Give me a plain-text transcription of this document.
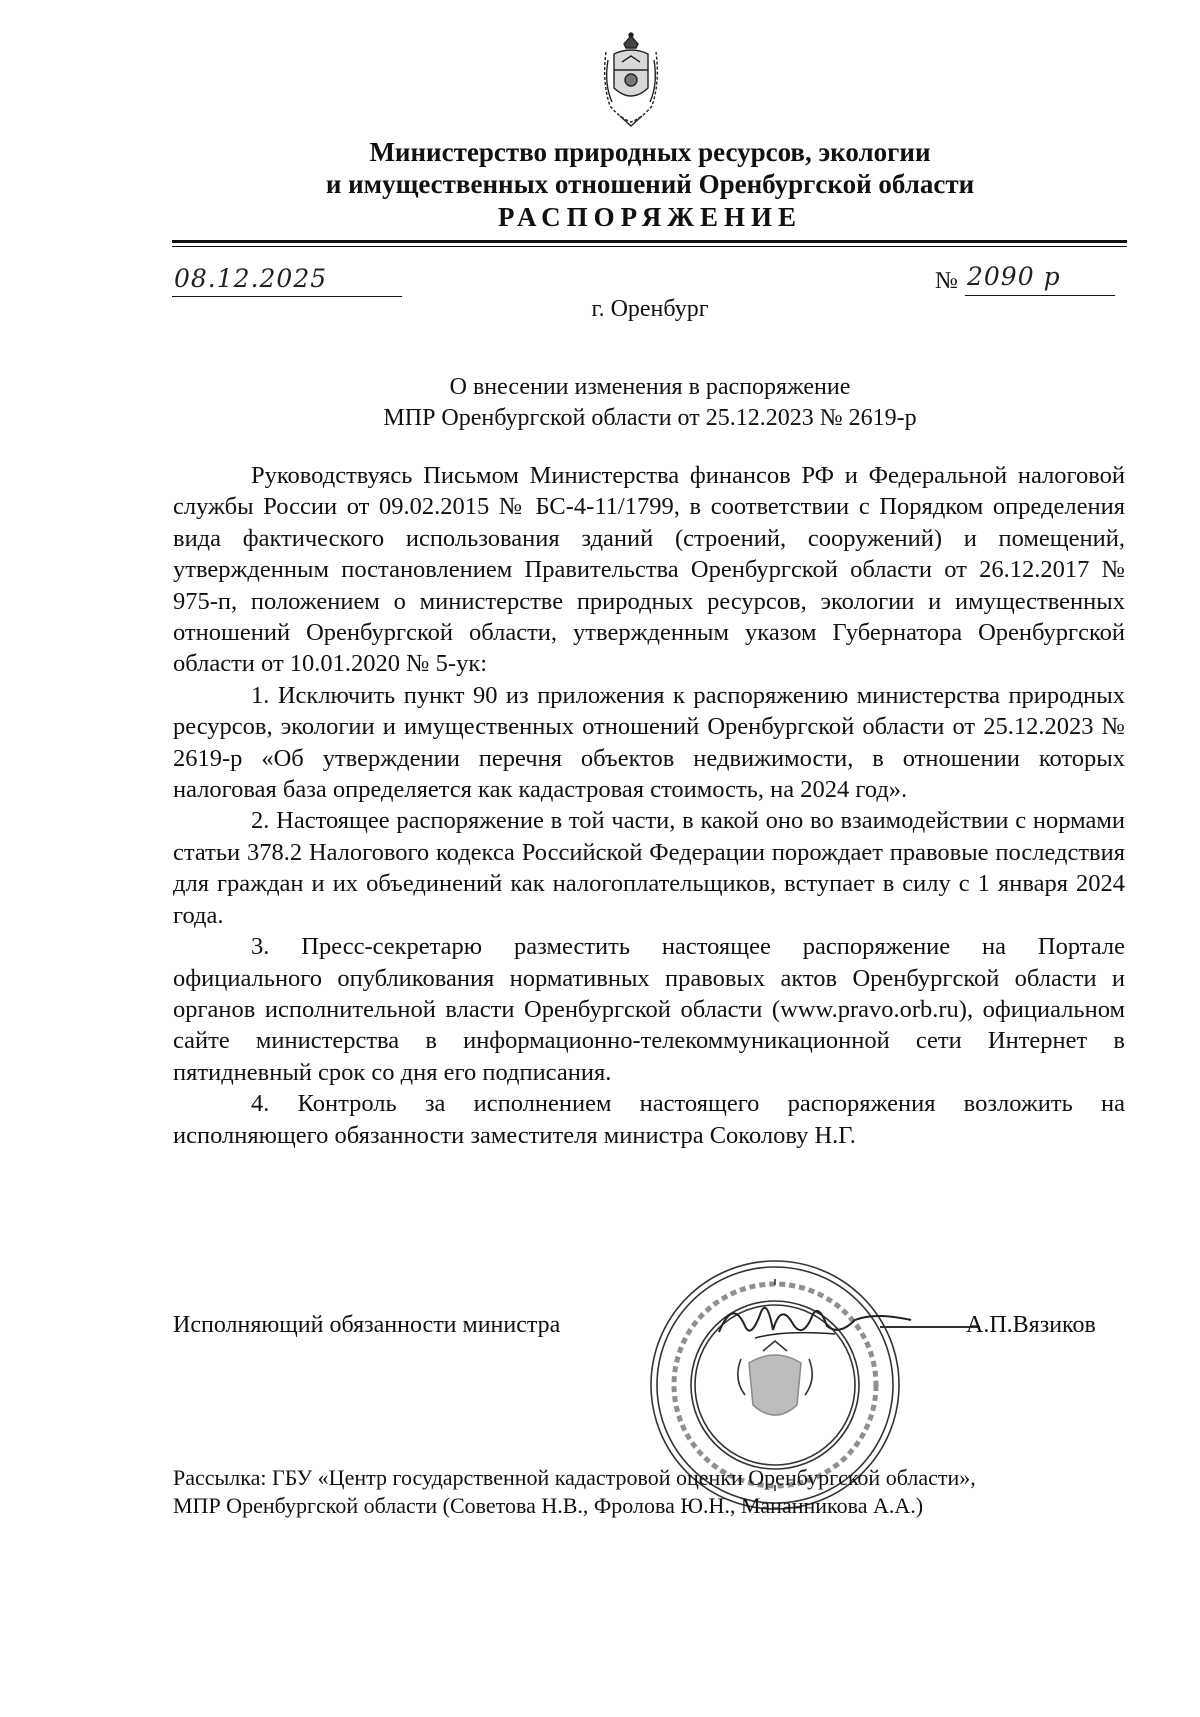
Министерство природных ресурсов, экологии
и имущественных отношений Оренбургской области
РАСПОРЯЖЕНИЕ
08.12.2025	№ 2090 р
г. Оренбург
О внесении изменения в распоряжение
МПР Оренбургской области от 25.12.2023 № 2619-р

Руководствуясь Письмом Министерства финансов РФ и Федеральной налоговой службы России от 09.02.2015 № БС-4-11/1799, в соответствии с Порядком определения вида фактического использования зданий (строений, сооружений) и помещений, утвержденным постановлением Правительства Оренбургской области от 26.12.2017 № 975-п, положением о министерстве природных ресурсов, экологии и имущественных отношений Оренбургской области, утвержденным указом Губернатора Оренбургской области от 10.01.2020 № 5-ук:

1. Исключить пункт 90 из приложения к распоряжению министерства природных ресурсов, экологии и имущественных отношений Оренбургской области от 25.12.2023 № 2619-р «Об утверждении перечня объектов недвижимости, в отношении которых налоговая база определяется как кадастровая стоимость, на 2024 год».

2. Настоящее распоряжение в той части, в какой оно во взаимодействии с нормами статьи 378.2 Налогового кодекса Российской Федерации порождает правовые последствия для граждан и их объединений как налогоплательщиков, вступает в силу с 1 января 2024 года.

3. Пресс-секретарю разместить настоящее распоряжение на Портале официального опубликования нормативных правовых актов Оренбургской области и органов исполнительной власти Оренбургской области (www.pravo.orb.ru), официальном сайте министерства в информационно-телекоммуникационной сети Интернет в пятидневный срок со дня его подписания.

4. Контроль за исполнением настоящего распоряжения возложить на исполняющего обязанности заместителя министра Соколову Н.Г.

Исполняющий обязанности министра	А.П.Вязиков

Рассылка: ГБУ «Центр государственной кадастровой оценки Оренбургской области»,

МПР Оренбургской области (Советова Н.В., Фролова Ю.Н., Мананникова А.А.)
